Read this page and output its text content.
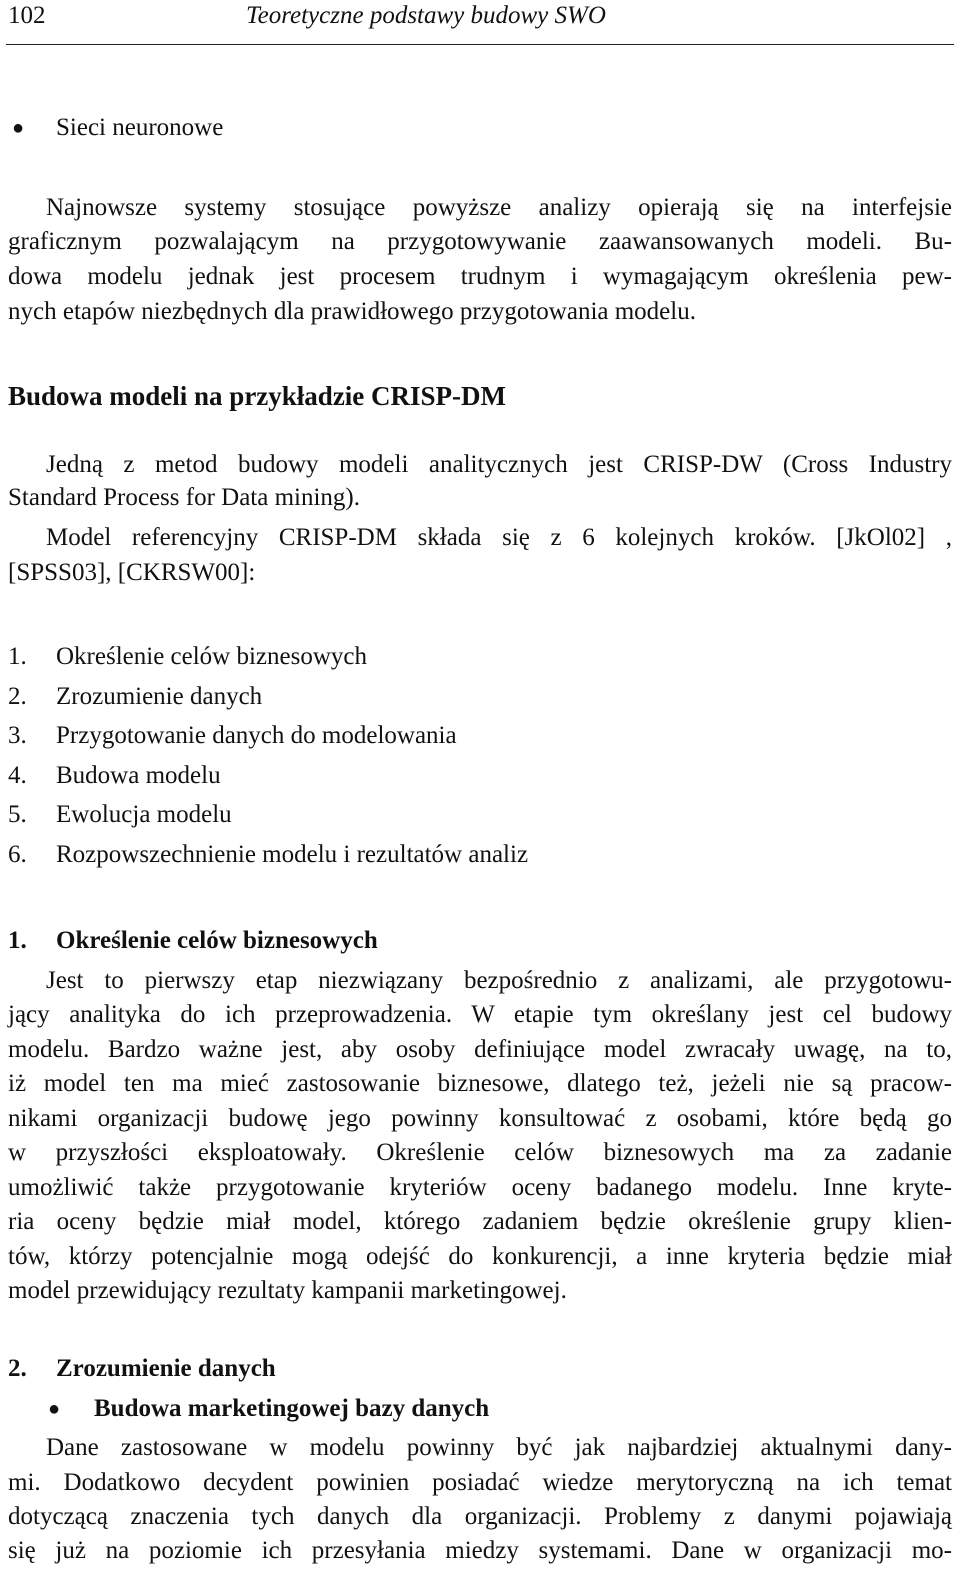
102	Teoretyczne podstawy budowy SWO
● Sieci neuronowe
Najnowsze systemy stosujące powyższe analizy opierają się na interfejsie
graficznym pozwalającym na przygotowywanie zaawansowanych modeli. Bu-
dowa modelu jednak jest procesem trudnym i wymagającym określenia pew-
nych etapów niezbędnych dla prawidłowego przygotowania modelu.
Budowa modeli na przykładzie CRISP-DM
Jedną z metod budowy modeli analitycznych jest CRISP-DW (Cross Industry
Standard Process for Data mining).
Model referencyjny CRISP-DM składa się z 6 kolejnych kroków. [JkOl02] ,
[SPSS03], [CKRSW00]:
1. Określenie celów biznesowych
2. Zrozumienie danych
3. Przygotowanie danych do modelowania
4. Budowa modelu
5. Ewolucja modelu
6. Rozpowszechnienie modelu i rezultatów analiz
1. Określenie celów biznesowych
Jest to pierwszy etap niezwiązany bezpośrednio z analizami, ale przygotowu-
jący analityka do ich przeprowadzenia. W etapie tym określany jest cel budowy
modelu. Bardzo ważne jest, aby osoby definiujące model zwracały uwagę, na to,
iż model ten ma mieć zastosowanie biznesowe, dlatego też, jeżeli nie są pracow-
nikami organizacji budowę jego powinny konsultować z osobami, które będą go
w przyszłości eksploatowały. Określenie celów biznesowych ma za zadanie
umożliwić także przygotowanie kryteriów oceny badanego modelu. Inne kryte-
ria oceny będzie miał model, którego zadaniem będzie określenie grupy klien-
tów, którzy potencjalnie mogą odejść do konkurencji, a inne kryteria będzie miał
model przewidujący rezultaty kampanii marketingowej.
2. Zrozumienie danych
● Budowa marketingowej bazy danych
Dane zastosowane w modelu powinny być jak najbardziej aktualnymi dany-
mi. Dodatkowo decydent powinien posiadać wiedze merytoryczną na ich temat
dotyczącą znaczenia tych danych dla organizacji. Problemy z danymi pojawiają
się już na poziomie ich przesyłania miedzy systemami. Dane w organizacji mo-
